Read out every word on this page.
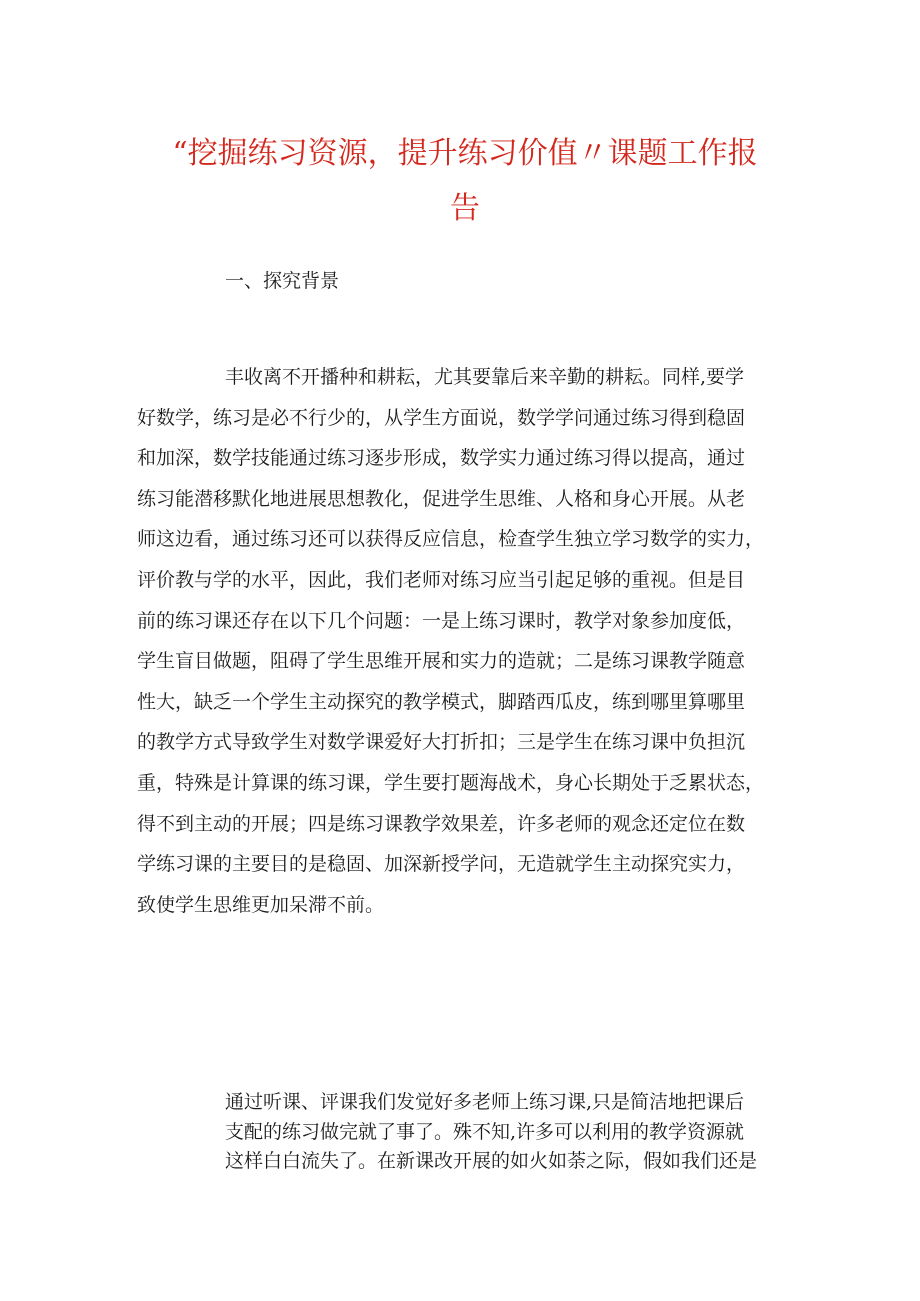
“挖掘练习资源，提升练习价值〃课题工作报
告
一、探究背景
丰收离不开播种和耕耘，尤其要靠后来辛勤的耕耘。同样,要学
好数学，练习是必不行少的，从学生方面说，数学学问通过练习得到稳固
和加深，数学技能通过练习逐步形成，数学实力通过练习得以提高，通过
练习能潜移默化地进展思想教化，促进学生思维、人格和身心开展。从老
师这边看，通过练习还可以获得反应信息，检查学生独立学习数学的实力，
评价教与学的水平，因此，我们老师对练习应当引起足够的重视。但是目
前的练习课还存在以下几个问题：一是上练习课时，教学对象参加度低，
学生盲目做题，阻碍了学生思维开展和实力的造就；二是练习课教学随意
性大，缺乏一个学生主动探究的教学模式，脚踏西瓜皮，练到哪里算哪里
的教学方式导致学生对数学课爱好大打折扣；三是学生在练习课中负担沉
重，特殊是计算课的练习课，学生要打题海战术，身心长期处于乏累状态，
得不到主动的开展；四是练习课教学效果差，许多老师的观念还定位在数
学练习课的主要目的是稳固、加深新授学问，无造就学生主动探究实力，
致使学生思维更加呆滞不前。
通过听课、评课我们发觉好多老师上练习课,只是简洁地把课后
支配的练习做完就了事了。殊不知,许多可以利用的教学资源就
这样白白流失了。在新课改开展的如火如荼之际，假如我们还是
